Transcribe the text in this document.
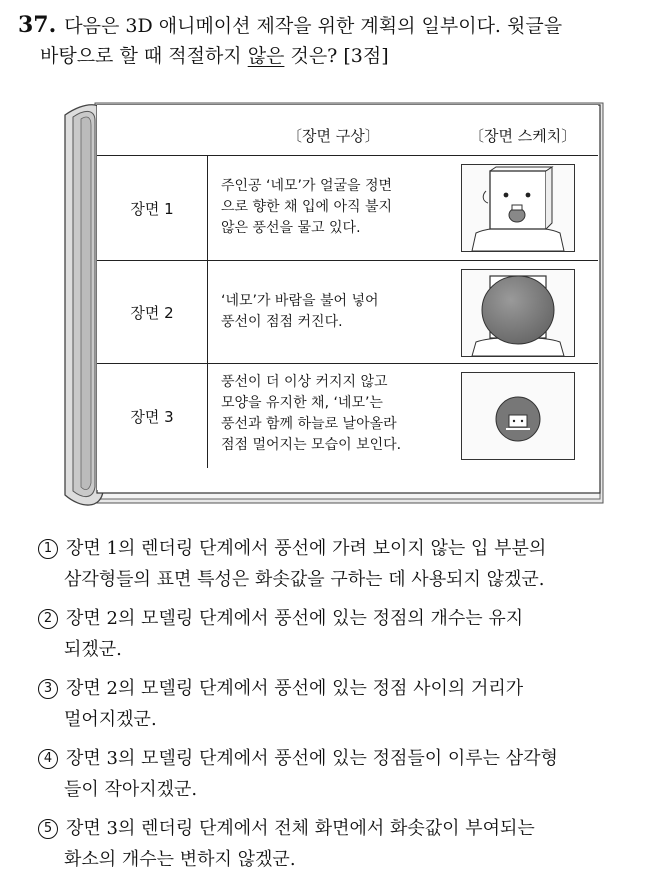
37. 다음은 3D 애니메이션 제작을 위한 계획의 일부이다. 윗글을
바탕으로 할 때 적절하지 않은 것은? [3점]
〔장면 구상〕	〔장면 스케치〕
장면 1
주인공 ‘네모’가 얼굴을 정면
으로 향한 채 입에 아직 불지
않은 풍선을 물고 있다.
장면 2
‘네모’가 바람을 불어 넣어
풍선이 점점 커진다.
장면 3
풍선이 더 이상 커지지 않고
모양을 유지한 채, ‘네모’는
풍선과 함께 하늘로 날아올라
점점 멀어지는 모습이 보인다.
1 장면 1의 렌더링 단계에서 풍선에 가려 보이지 않는 입 부분의
삼각형들의 표면 특성은 화솟값을 구하는 데 사용되지 않겠군.
2 장면 2의 모델링 단계에서 풍선에 있는 정점의 개수는 유지
되겠군.
3 장면 2의 모델링 단계에서 풍선에 있는 정점 사이의 거리가
멀어지겠군.
4 장면 3의 모델링 단계에서 풍선에 있는 정점들이 이루는 삼각형
들이 작아지겠군.
5 장면 3의 렌더링 단계에서 전체 화면에서 화솟값이 부여되는
화소의 개수는 변하지 않겠군.
